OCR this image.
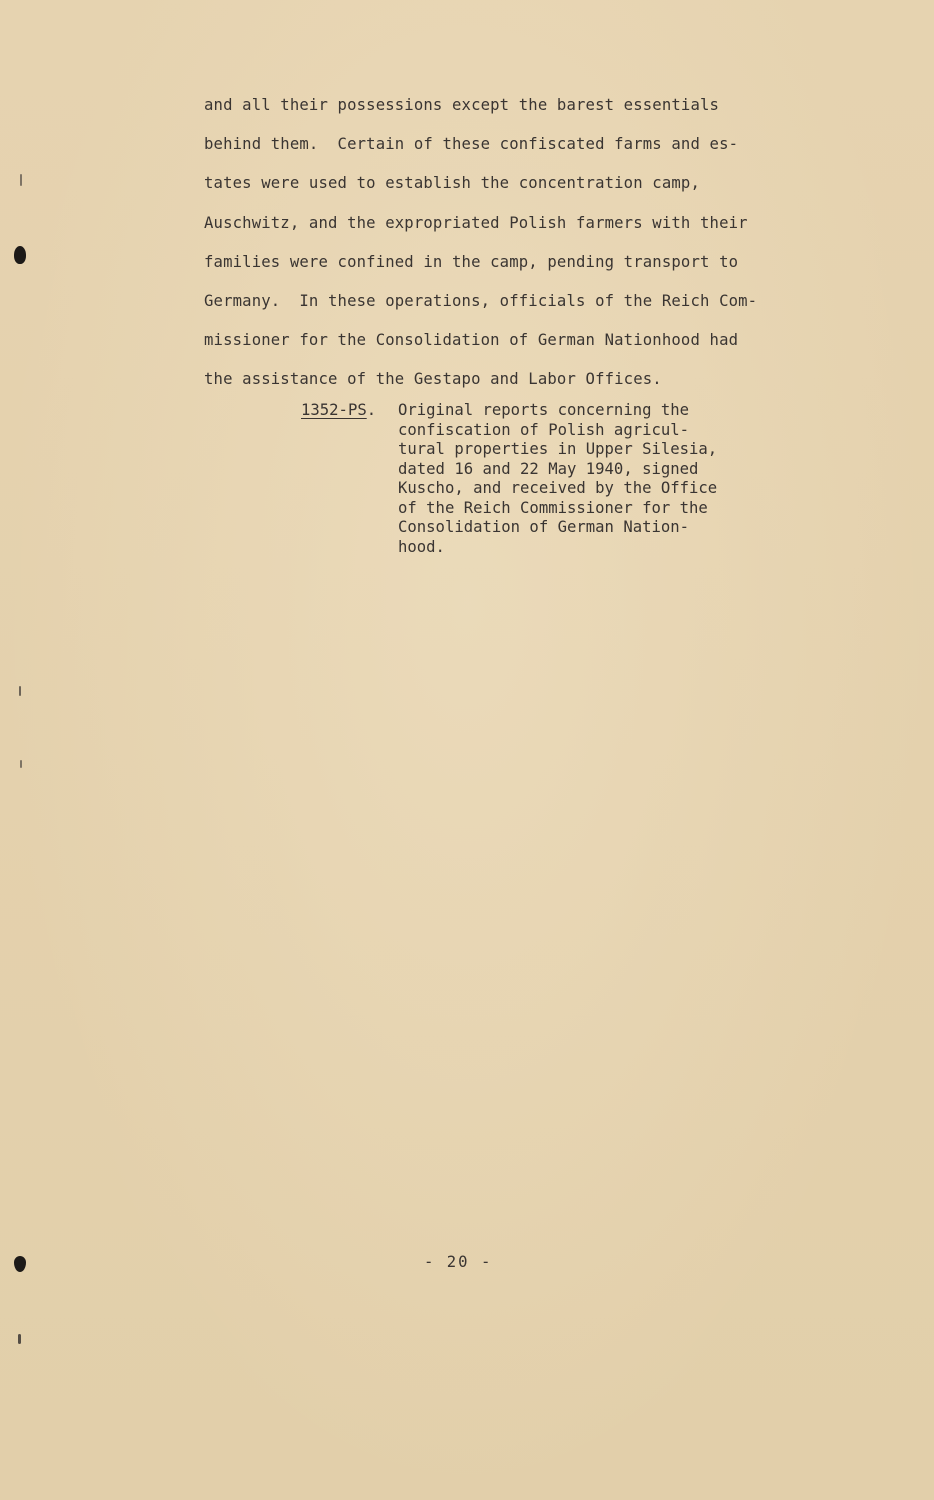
and all their possessions except the barest essentials
behind them.  Certain of these confiscated farms and es-
tates were used to establish the concentration camp,
Auschwitz, and the expropriated Polish farmers with their
families were confined in the camp, pending transport to
Germany.  In these operations, officials of the Reich Com-
missioner for the Consolidation of German Nationhood had
the assistance of the Gestapo and Labor Offices.
1352-PS. Original reports concerning the
confiscation of Polish agricul-
tural properties in Upper Silesia,
dated 16 and 22 May 1940, signed
Kuscho, and received by the Office
of the Reich Commissioner for the
Consolidation of German Nation-
hood.
- 20 -
